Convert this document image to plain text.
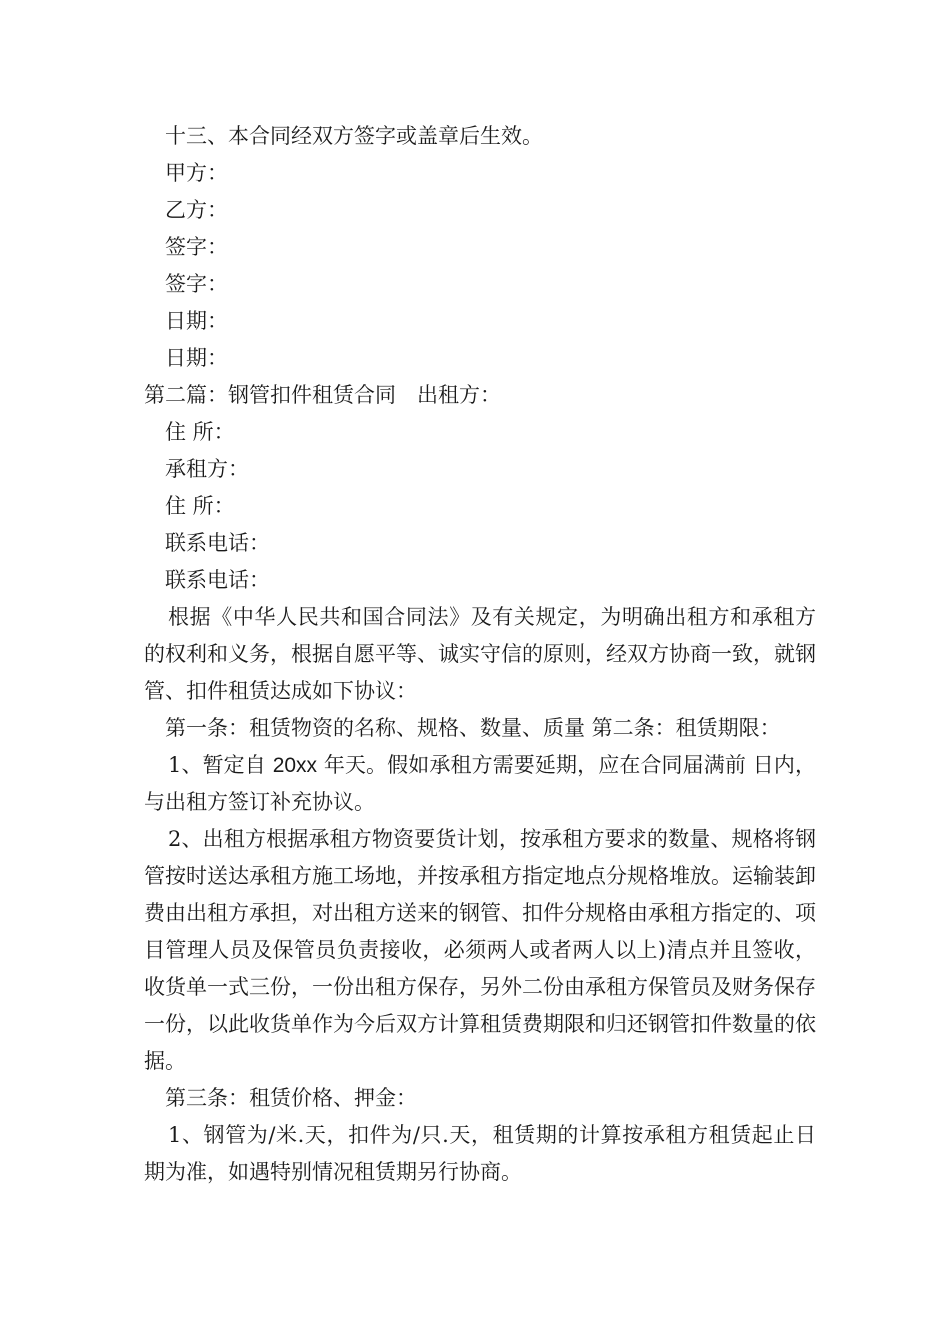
十三、本合同经双方签字或盖章后生效。
甲方：
乙方：
签字：
签字：
日期：
日期：
第二篇：钢管扣件租赁合同　出租方：
住 所：
承租方：
住 所：
联系电话：
联系电话：

根据《中华人民共和国合同法》及有关规定，为明确出租方和承租方的权利和义务，根据自愿平等、诚实守信的原则，经双方协商一致，就钢管、扣件租赁达成如下协议：

第一条：租赁物资的名称、规格、数量、质量 第二条：租赁期限：

1、暂定自 20xx 年天。假如承租方需要延期，应在合同届满前 日内，与出租方签订补充协议。

2、出租方根据承租方物资要货计划，按承租方要求的数量、规格将钢管按时送达承租方施工场地，并按承租方指定地点分规格堆放。运输装卸费由出租方承担，对出租方送来的钢管、扣件分规格由承租方指定的、项目管理人员及保管员负责接收，必须两人或者两人以上)清点并且签收，收货单一式三份，一份出租方保存，另外二份由承租方保管员及财务保存一份，以此收货单作为今后双方计算租赁费期限和归还钢管扣件数量的依据。

第三条：租赁价格、押金：

1、钢管为/米.天，扣件为/只.天，租赁期的计算按承租方租赁起止日期为准，如遇特别情况租赁期另行协商。
